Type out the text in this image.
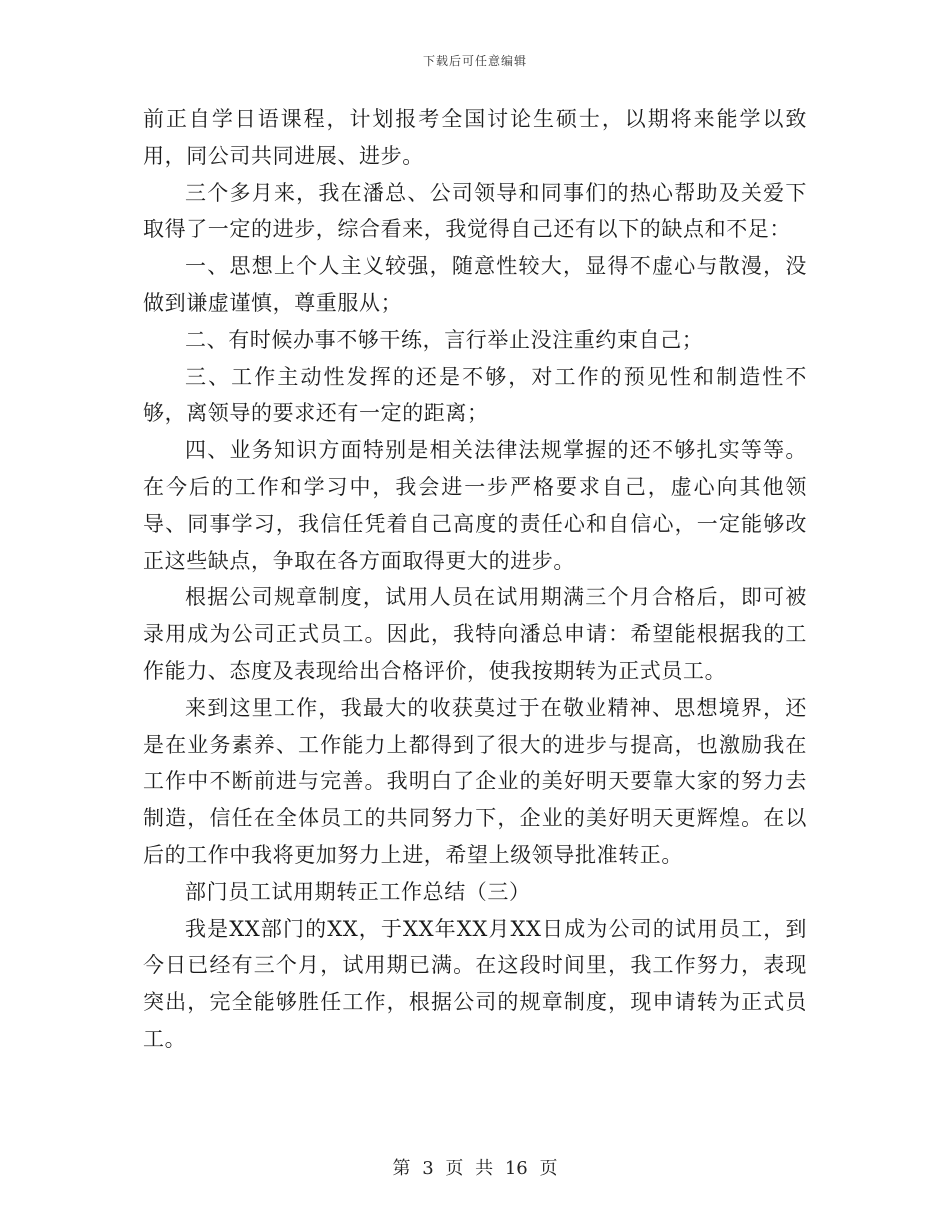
下载后可任意编辑

前正自学日语课程，计划报考全国讨论生硕士，以期将来能学以致用，同公司共同进展、进步。

三个多月来，我在潘总、公司领导和同事们的热心帮助及关爱下取得了一定的进步，综合看来，我觉得自己还有以下的缺点和不足：

一、思想上个人主义较强，随意性较大，显得不虚心与散漫，没做到谦虚谨慎，尊重服从；

二、有时候办事不够干练，言行举止没注重约束自己；

三、工作主动性发挥的还是不够，对工作的预见性和制造性不够，离领导的要求还有一定的距离；

四、业务知识方面特别是相关法律法规掌握的还不够扎实等等。在今后的工作和学习中，我会进一步严格要求自己，虚心向其他领导、同事学习，我信任凭着自己高度的责任心和自信心，一定能够改正这些缺点，争取在各方面取得更大的进步。

根据公司规章制度，试用人员在试用期满三个月合格后，即可被录用成为公司正式员工。因此，我特向潘总申请：希望能根据我的工作能力、态度及表现给出合格评价，使我按期转为正式员工。

来到这里工作，我最大的收获莫过于在敬业精神、思想境界，还是在业务素养、工作能力上都得到了很大的进步与提高，也激励我在工作中不断前进与完善。我明白了企业的美好明天要靠大家的努力去制造，信任在全体员工的共同努力下，企业的美好明天更辉煌。在以后的工作中我将更加努力上进，希望上级领导批准转正。

部门员工试用期转正工作总结（三）

我是XX部门的XX，于XX年XX月XX日成为公司的试用员工，到今日已经有三个月，试用期已满。在这段时间里，我工作努力，表现突出，完全能够胜任工作，根据公司的规章制度，现申请转为正式员工。

第 3 页 共 16 页
